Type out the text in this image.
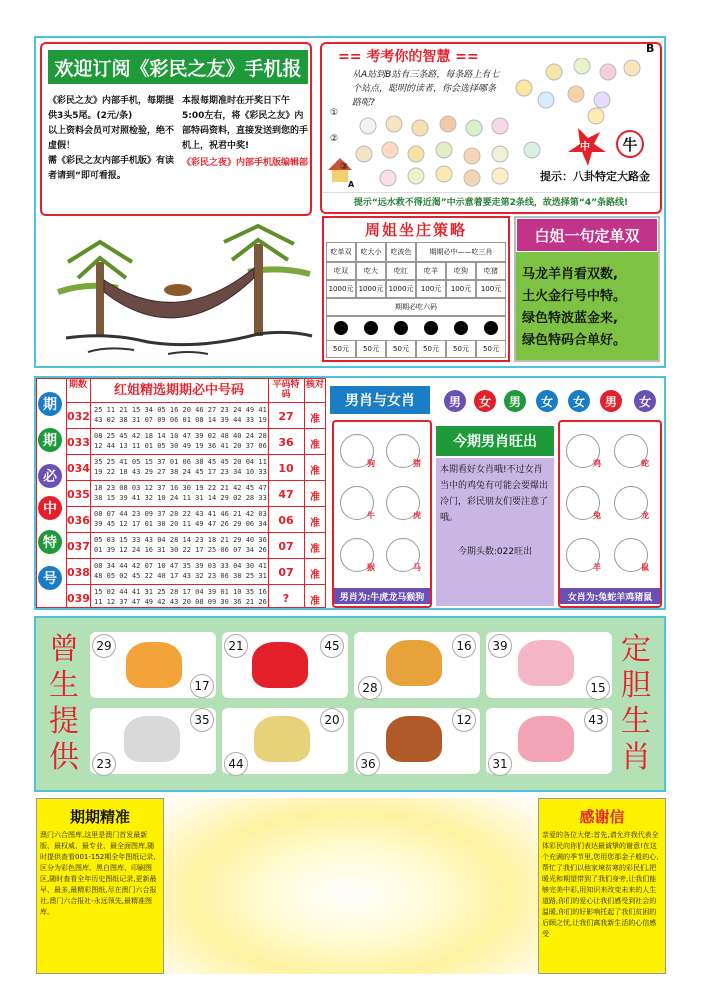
欢迎订阅《彩民之友》手机报
《彩民之友》内部手机，每期提供3头5尾。(2元/条)
以上资料会员可对照检验，绝不虚假！
需《彩民之友内部手机版》有读者请到“即可看报。
本报每期准时在开奖日下午5:00左右，将《彩民之友》内部特码资料，直接发送到您的手机上，祝君中奖!
《彩民之夜》内部手机版编辑部
== 考考你的智慧 ==
B
从A站到B站有三条路，每条路上有七个站点，聪明的读者，你会选择哪条路呢?
①
②
③
A
中	牛
提示：八卦特定大路金
提示“远水救不得近渴”中示意着要走第2条线，故选择第“4”条路线!
周姐坐庄策略
吃单双	吃大小	吃波色	期期必中——吃三肖
吃双	吃大	吃红	吃羊	吃狗	吃猪
1000元 1000元 1000元	100元	100元	100元
期期必吃六码
50元	50元	50元	50元	50元	50元
白姐一句定单双
马龙羊肖看双数,
土火金行号中特。
绿色特波蓝金来,
绿色特码合单好。
期
期
必
中
特
号
期数	红姐精选期期必中号码	平码特码
核对
032 25 11 21 15 34 05 16 20 46 27 23 24 49 41
43 02 38 31 07 09 06 01 08 14 39 44 33 19	27	准
033 08 25 45 42 18 14 10 47 39 02 48 40 24 28
12 44 13 11 01 05 30 49 19 36 41 20 37 06	36	准
034 35 25 41 05 15 37 01 06 38 45 45 20 04 11
19 22 18 43 29 27 38 24 45 17 23 34 10 33	10	准
035 18 23 08 03 12 37 16 30 19 22 21 42 45 47
38 15 39 41 32 10 24 11 31 14 29 02 28 33	47	准
036 08 07 44 23 09 37 28 22 43 41 46 21 42 03
39 45 12 17 01 30 20 11 49 47 26 29 06 34	06	准
037 05 03 15 33 43 04 28 14 23 18 21 29 40 36
01 39 12 24 16 31 30 22 17 25 06 07 34 26	07	准
038 08 34 44 42 07 10 47 35 39 03 33 04 30 41
48 05 02 45 22 40 17 43 32 23 06 38 25 31	07	准
039 15 02 44 41 31 25 28 17 04 39 01 10 35 16
11 12 37 47 49 42 43 20 08 09 30 36 21 26	?	准
男肖与女肖	男	女	男	女	女	男	女
狗	猪
牛	虎
猴	马
男肖为:牛虎龙马猴狗
今期男肖旺出
本期看好女肖哦!不过女肖当中的鸡兔有可能会要爆出冷门，彩民朋友们要注意了哦。
今期头数:022旺出
鸡	蛇
兔	龙
羊	鼠
女肖为:兔蛇羊鸡猪鼠
曾
生
提
供
定
胆
生
肖
29
17
21	45
28
16	39
15
35
23	44
20	12
36
43
31
期期精准
澳门六合图库,这里是澳门首发最新版、最权威、最专业、最全面图库,随时提供查看001-152期全年图纸记录,区分为彩色图库、黑白图库、印刷图区,随时查看全年历史图纸记录,更新最早、最多,最精彩图纸,尽在澳门六合报社,澳门六合报社-永远领先,最精准图库。
感谢信
亲爱的各位大佬:首先,请允许我代表全体彩民向你们表达最诚挚的谢意!在这个充满的季节里,您用您那金子般的心,帮忙了我们以他家境贫寒的彩民们,把暖光和期望带到了我们身旁,让我们能够完美中彩,用知识来改变未来的人生道路,你们的爱心让我们感受到社会的温暖,你们的好影响托起了我们贫困的后顾之忧,让我们离我新生活的心信感受
